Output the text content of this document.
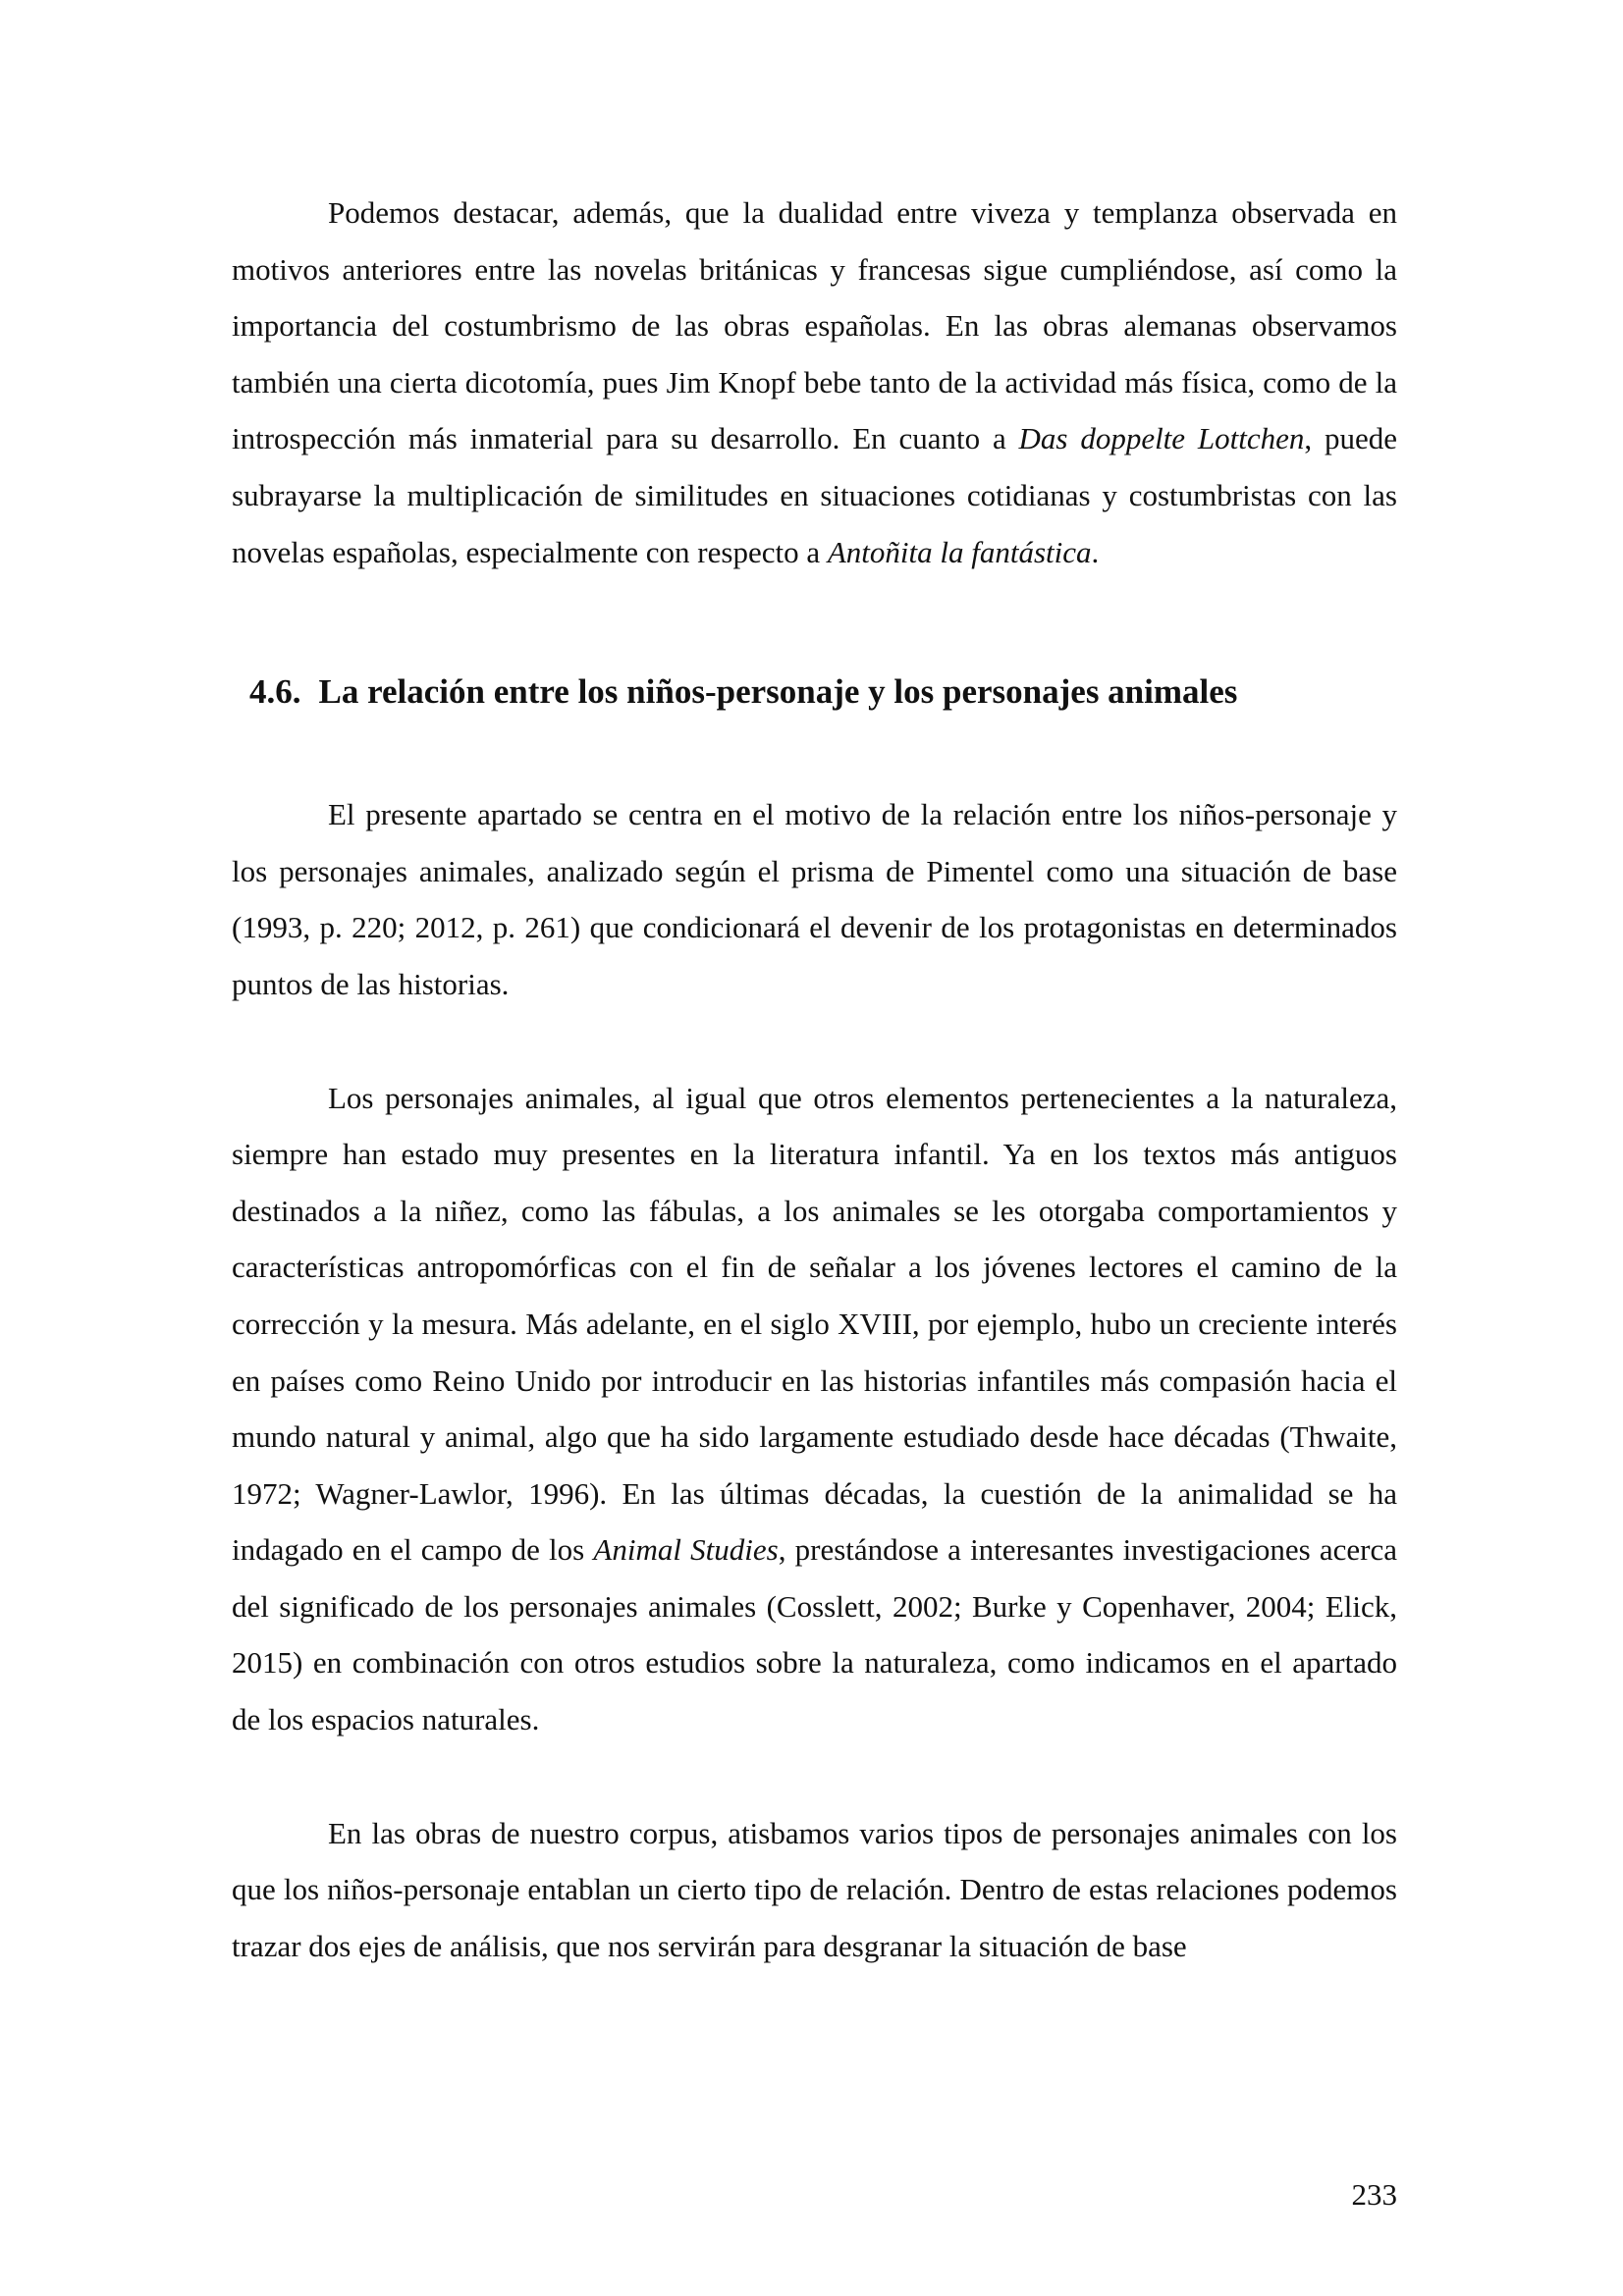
Podemos destacar, además, que la dualidad entre viveza y templanza observada en motivos anteriores entre las novelas británicas y francesas sigue cumpliéndose, así como la importancia del costumbrismo de las obras españolas. En las obras alemanas observamos también una cierta dicotomía, pues Jim Knopf bebe tanto de la actividad más física, como de la introspección más inmaterial para su desarrollo. En cuanto a Das doppelte Lottchen, puede subrayarse la multiplicación de similitudes en situaciones cotidianas y costumbristas con las novelas españolas, especialmente con respecto a Antoñita la fantástica.

4.6. La relación entre los niños-personaje y los personajes animales

El presente apartado se centra en el motivo de la relación entre los niños-personaje y los personajes animales, analizado según el prisma de Pimentel como una situación de base (1993, p. 220; 2012, p. 261) que condicionará el devenir de los protagonistas en determinados puntos de las historias.

Los personajes animales, al igual que otros elementos pertenecientes a la naturaleza, siempre han estado muy presentes en la literatura infantil. Ya en los textos más antiguos destinados a la niñez, como las fábulas, a los animales se les otorgaba comportamientos y características antropomórficas con el fin de señalar a los jóvenes lectores el camino de la corrección y la mesura. Más adelante, en el siglo XVIII, por ejemplo, hubo un creciente interés en países como Reino Unido por introducir en las historias infantiles más compasión hacia el mundo natural y animal, algo que ha sido largamente estudiado desde hace décadas (Thwaite, 1972; Wagner-Lawlor, 1996). En las últimas décadas, la cuestión de la animalidad se ha indagado en el campo de los Animal Studies, prestándose a interesantes investigaciones acerca del significado de los personajes animales (Cosslett, 2002; Burke y Copenhaver, 2004; Elick, 2015) en combinación con otros estudios sobre la naturaleza, como indicamos en el apartado de los espacios naturales.

En las obras de nuestro corpus, atisbamos varios tipos de personajes animales con los que los niños-personaje entablan un cierto tipo de relación. Dentro de estas relaciones podemos trazar dos ejes de análisis, que nos servirán para desgranar la situación de base

233
